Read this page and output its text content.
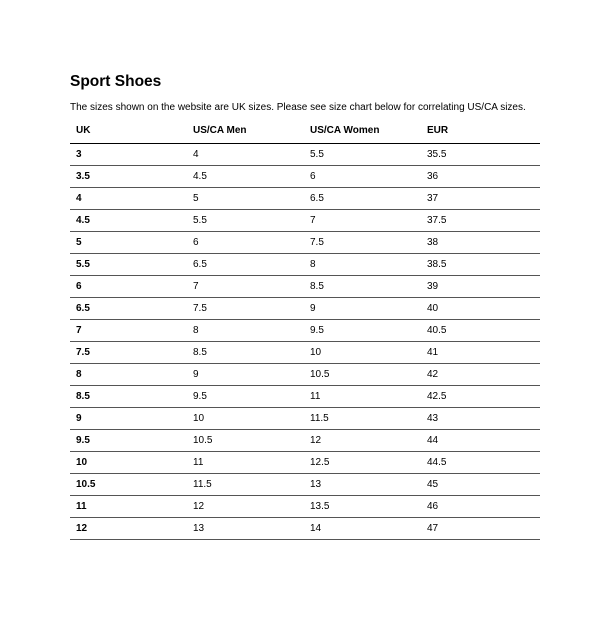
Sport Shoes
The sizes shown on the website are UK sizes. Please see size chart below for correlating US/CA sizes.
UK	US/CA Men	US/CA Women	EUR
3	4	5.5	35.5
3.5	4.5	6	36
4	5	6.5	37
4.5	5.5	7	37.5
5	6	7.5	38
5.5	6.5	8	38.5
6	7	8.5	39
6.5	7.5	9	40
7	8	9.5	40.5
7.5	8.5	10	41
8	9	10.5	42
8.5	9.5	11	42.5
9	10	11.5	43
9.5	10.5	12	44
10	11	12.5	44.5
10.5	11.5	13	45
11	12	13.5	46
12	13	14	47
